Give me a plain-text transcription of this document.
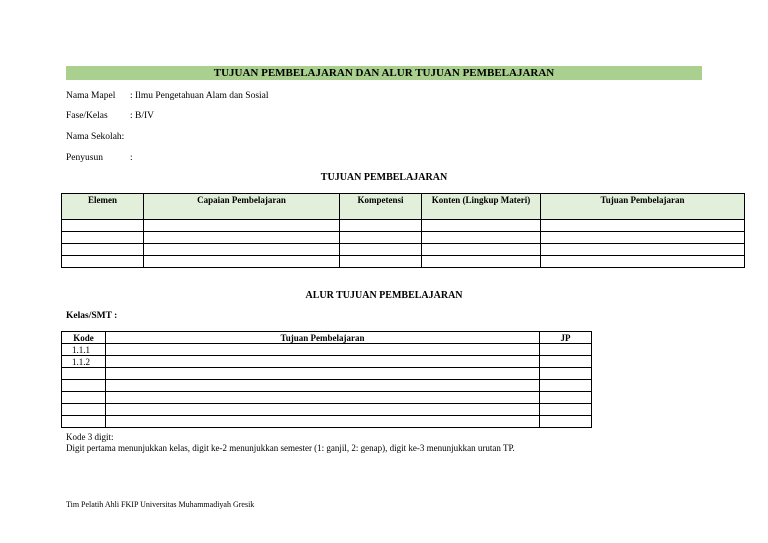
TUJUAN PEMBELAJARAN DAN ALUR TUJUAN PEMBELAJARAN
Nama Mapel : Ilmu Pengetahuan Alam dan Sosial
Fase/Kelas : B/IV
Nama Sekolah:
Penyusun	:
TUJUAN PEMBELAJARAN
Elemen	Capaian Pembelajaran	Kompetensi	Konten (Lingkup Materi)	Tujuan Pembelajaran

ALUR TUJUAN PEMBELAJARAN
Kelas/SMT :
Kode	Tujuan Pembelajaran	JP
1.1.1		
1.1.2		

Kode 3 digit:
Digit pertama menunjukkan kelas, digit ke-2 menunjukkan semester (1: ganjil, 2: genap), digit ke-3 menunjukkan urutan TP.
Tim Pelatih Ahli FKIP Universitas Muhammadiyah Gresik
